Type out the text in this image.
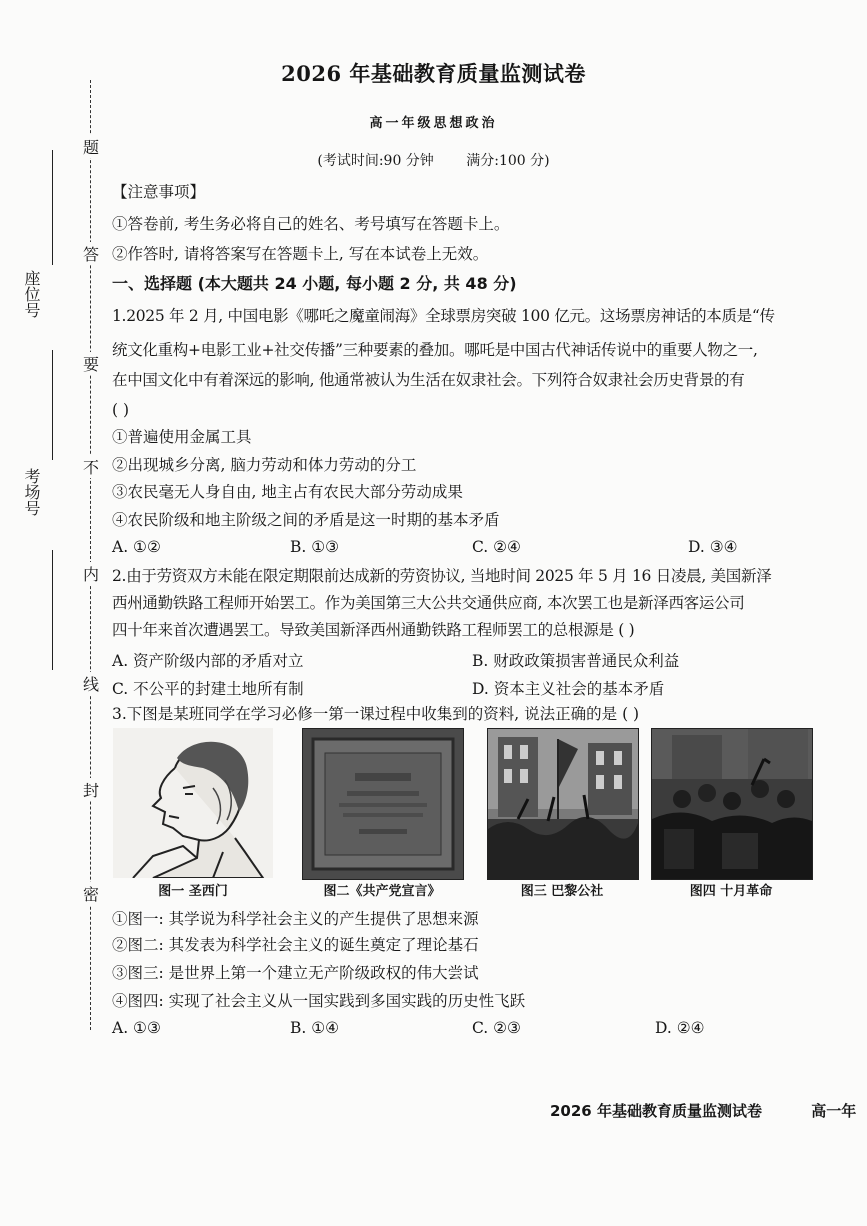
题
答
要
不
内
线
封
密
座位号
考场号
2026 年基础教育质量监测试卷
高一年级思想政治
(考试时间:90 分钟 满分:100 分)
【注意事项】
①答卷前, 考生务必将自己的姓名、考号填写在答题卡上。
②作答时, 请将答案写在答题卡上, 写在本试卷上无效。
一、选择题 (本大题共 24 小题, 每小题 2 分, 共 48 分)
1.2025 年 2 月, 中国电影《哪吒之魔童闹海》全球票房突破 100 亿元。这场票房神话的本质是“传
统文化重构+电影工业+社交传播”三种要素的叠加。哪吒是中国古代神话传说中的重要人物之一,
在中国文化中有着深远的影响, 他通常被认为生活在奴隶社会。下列符合奴隶社会历史背景的有
( )
①普遍使用金属工具
②出现城乡分离, 脑力劳动和体力劳动的分工
③农民毫无人身自由, 地主占有农民大部分劳动成果
④农民阶级和地主阶级之间的矛盾是这一时期的基本矛盾
A. ①②	B. ①③	C. ②④	D. ③④
2.由于劳资双方未能在限定期限前达成新的劳资协议, 当地时间 2025 年 5 月 16 日凌晨, 美国新泽
西州通勤铁路工程师开始罢工。作为美国第三大公共交通供应商, 本次罢工也是新泽西客运公司
四十年来首次遭遇罢工。导致美国新泽西州通勤铁路工程师罢工的总根源是 ( )
A. 资产阶级内部的矛盾对立	B. 财政政策损害普通民众利益
C. 不公平的封建土地所有制	D. 资本主义社会的基本矛盾
3.下图是某班同学在学习必修一第一课过程中收集到的资料, 说法正确的是 ( )
图一 圣西门	图二《共产党宣言》	图三 巴黎公社	图四 十月革命
①图一: 其学说为科学社会主义的产生提供了思想来源
②图二: 其发表为科学社会主义的诞生奠定了理论基石
③图三: 是世界上第一个建立无产阶级政权的伟大尝试
④图四: 实现了社会主义从一国实践到多国实践的历史性飞跃
A. ①③	B. ①④	C. ②③	D. ②④
2026 年基础教育质量监测试卷	高一年
